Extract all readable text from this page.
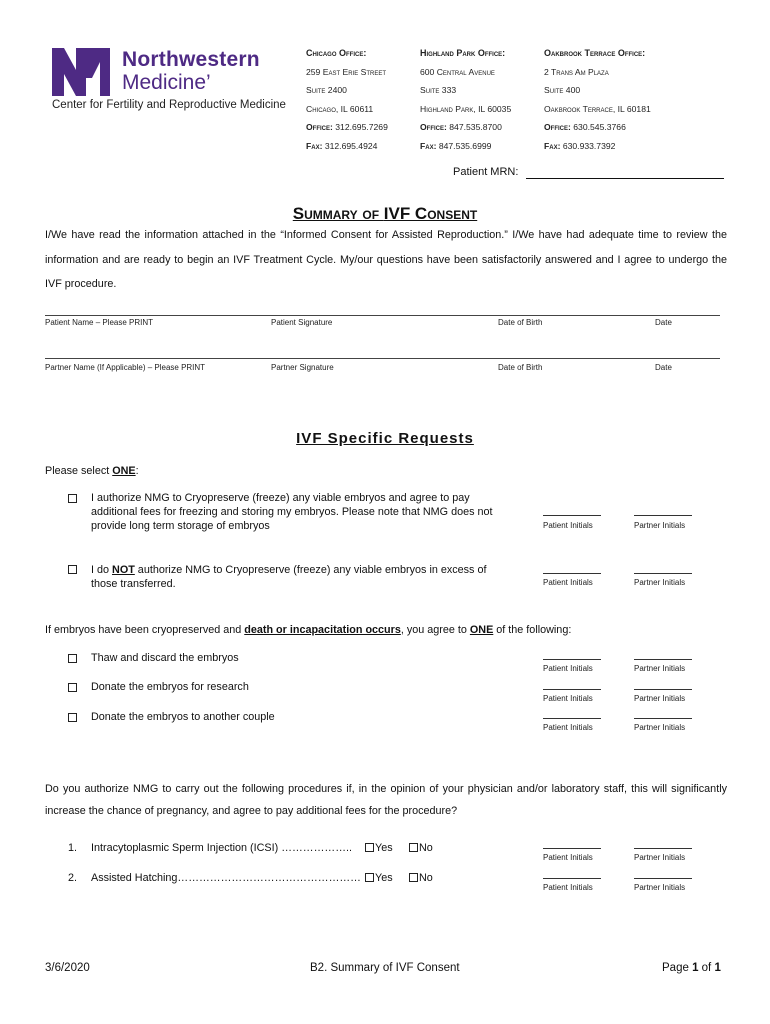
Northwestern
Medicine’
Center for Fertility and Reproductive Medicine
Chicago Office:
259 East Erie Street
Suite 2400
Chicago, IL 60611
Office: 312.695.7269
Fax: 312.695.4924
Highland Park Office:
600 Central Avenue
Suite 333
Highland Park, IL 60035
Office: 847.535.8700
Fax: 847.535.6999
Oakbrook Terrace Office:
2 Trans Am Plaza
Suite 400
Oakbrook Terrace, IL 60181
Office: 630.545.3766
Fax: 630.933.7392
Patient MRN:
Summary of IVF Consent
I/We have read the information attached in the “Informed Consent for Assisted Reproduction.” I/We have had adequate time to review the information and are ready to begin an IVF Treatment Cycle. My/our questions have been satisfactorily answered and I agree to undergo the IVF procedure.
Patient Name – Please PRINT	Patient Signature	Date of Birth	Date
Partner Name (If Applicable) – Please PRINT	Partner Signature	Date of Birth	Date
IVF Specific Requests
Please select ONE:
I authorize NMG to Cryopreserve (freeze) any viable embryos and agree to pay additional fees for freezing and storing my embryos. Please note that NMG does not provide long term storage of embryos	Patient Initials	Partner Initials
I do NOT authorize NMG to Cryopreserve (freeze) any viable embryos in excess of those transferred.	Patient Initials	Partner Initials
If embryos have been cryopreserved and death or incapacitation occurs, you agree to ONE of the following:
Thaw and discard the embryos
Patient Initials	Partner Initials
Donate the embryos for research
Patient Initials	Partner Initials
Donate the embryos to another couple
Patient Initials	Partner Initials
Do you authorize NMG to carry out the following procedures if, in the opinion of your physician and/or laboratory staff, this will significantly increase the chance of pregnancy, and agree to pay additional fees for the procedure?
1. Intracytoplasmic Sperm Injection (ICSI) ……………….. Yes No
Patient Initials	Partner Initials
2. Assisted Hatching…………………………………………… Yes No
Patient Initials	Partner Initials
3/6/2020	B2. Summary of IVF Consent	Page 1 of 1
